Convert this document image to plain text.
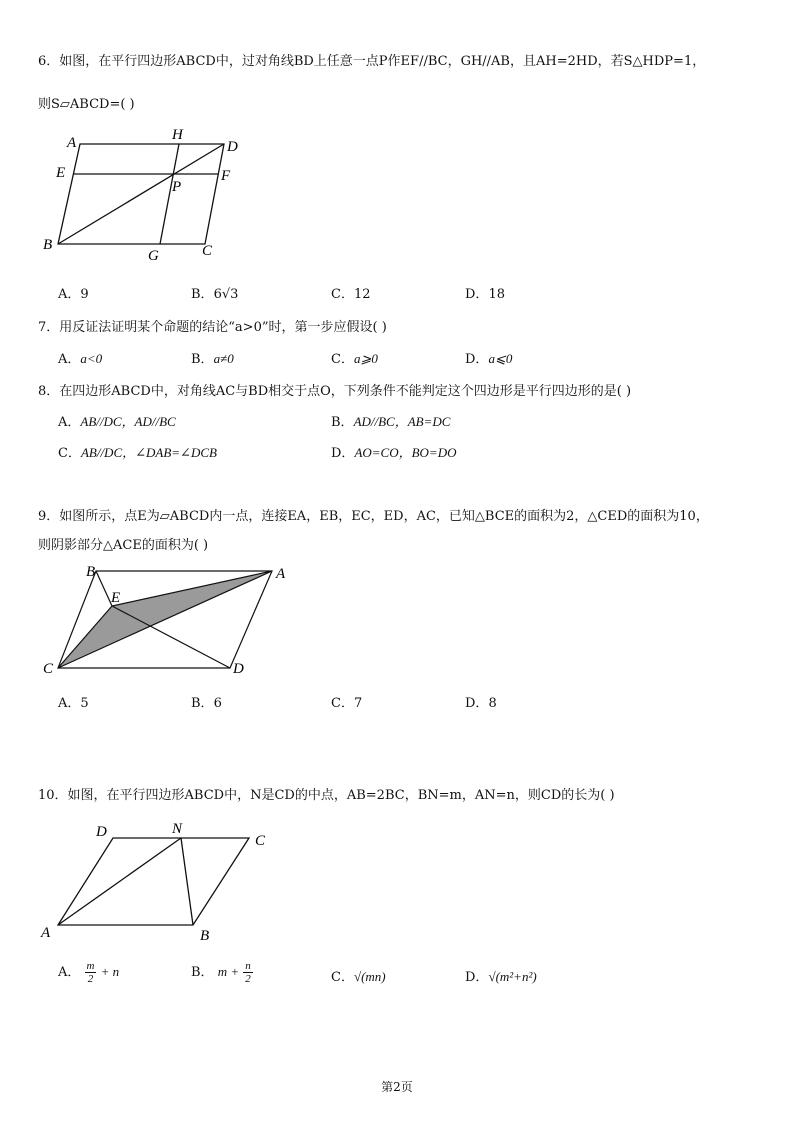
6．如图，在平行四边形ABCD中，过对角线BD上任意一点P作EF//BC，GH//AB，且AH=2HD，若S△HDP=1，
则S▱ABCD=( )
A	H
D
E	F
P
B
G	C
A．9	B．6√3	C．12	D．18
7．用反证法证明某个命题的结论“a>0”时，第一步应假设( )
A．a<0	B．a≠0	C．a⩾0	D．a⩽0
8．在四边形ABCD中，对角线AC与BD相交于点O，下列条件不能判定这个四边形是平行四边形的是( )
A．AB//DC，AD//BC	B．AD//BC，AB=DC
C．AB//DC，∠DAB=∠DCB	D．AO=CO，BO=DO
9．如图所示，点E为▱ABCD内一点，连接EA，EB，EC，ED，AC，已知△BCE的面积为2，△CED的面积为10，
则阴影部分△ACE的面积为( )
B	A
E
C	D
A．5	B．6	C．7	D．8
10．如图，在平行四边形ABCD中，N是CD的中点，AB=2BC，BN=m，AN=n，则CD的长为( )
D	N
C
A	B
A． $\frac{m}{2} + n$	B． $m + \frac{n}{2}$	C．√(mn)	D．√(m²+n²)
第2页
